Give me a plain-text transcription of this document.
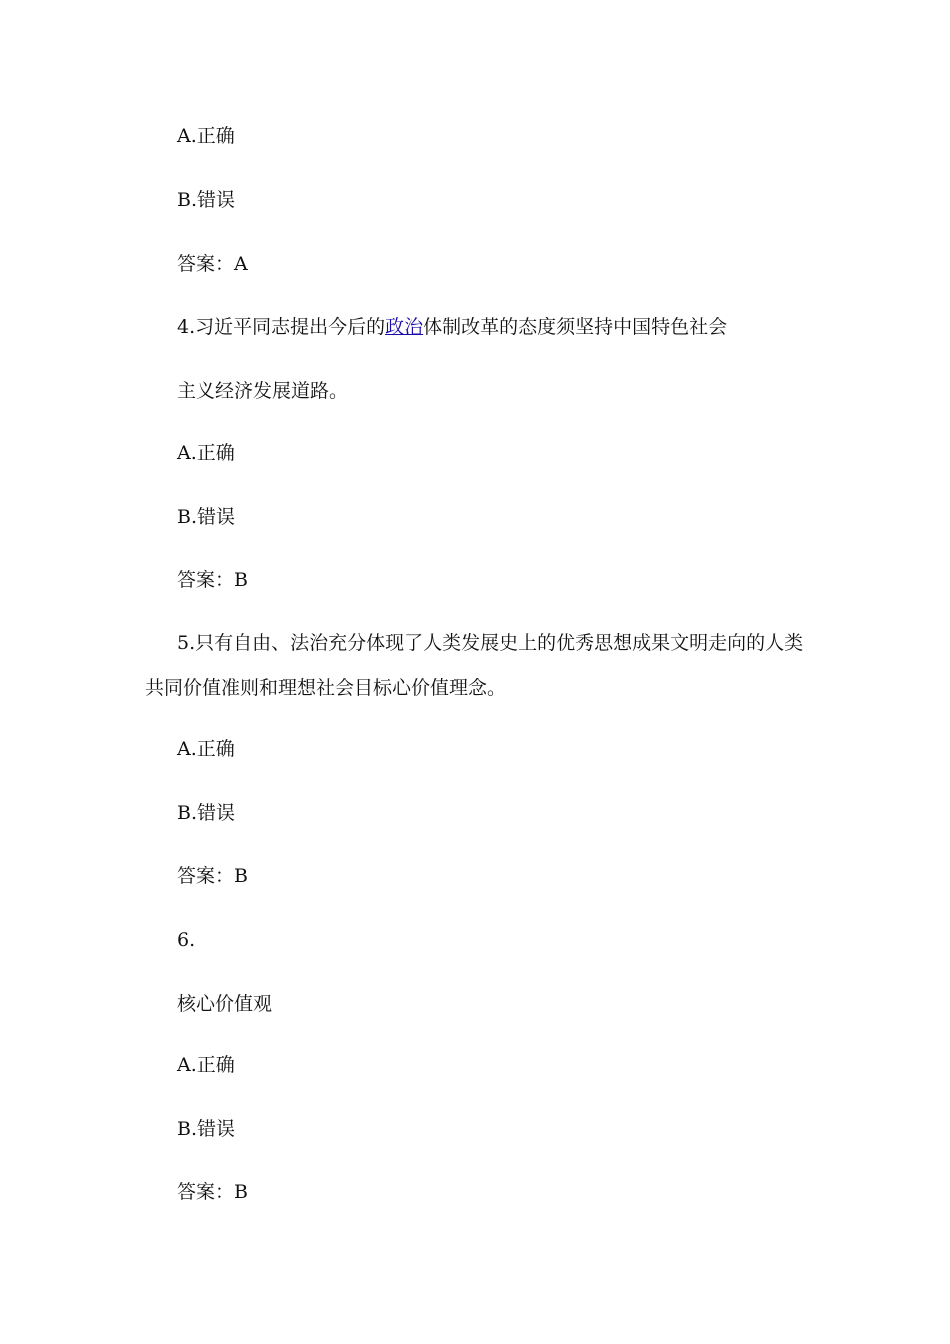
A.正确
B.错误
答案：A
4.习近平同志提出今后的政治体制改革的态度须坚持中国特色社会
主义经济发展道路。
A.正确
B.错误
答案：B
5.只有自由、法治充分体现了人类发展史上的优秀思想成果文明走向的人类
共同价值准则和理想社会目标心价值理念。
A.正确
B.错误
答案：B
6.
核心价值观
A.正确
B.错误
答案：B
